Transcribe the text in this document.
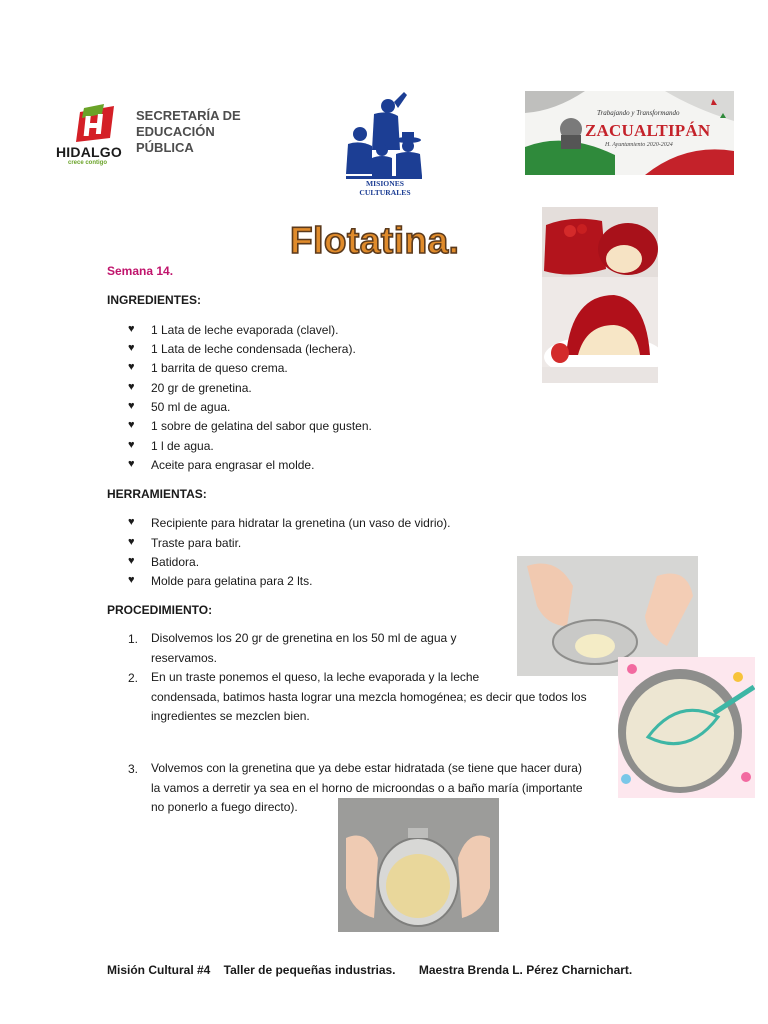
HIDALGO
crece contigo
SECRETARÍA DE
EDUCACIÓN
PÚBLICA
MISIONES CULTURALES
Trabajando y Transformando
ZACUALTIPÁN
H. Ayuntamiento 2020-2024
Flotatina.
Semana 14.
INGREDIENTES:
♥ 1 Lata de leche evaporada (clavel).
♥ 1 Lata de leche condensada (lechera).
♥ 1 barrita de queso crema.
♥ 20 gr de grenetina.
♥ 50 ml de agua.
♥ 1 sobre de gelatina del sabor que gusten.
♥ 1 l de agua.
♥ Aceite para engrasar el molde.
HERRAMIENTAS:
♥ Recipiente para hidratar la grenetina (un vaso de vidrio).
♥ Traste para batir.
♥ Batidora.
♥ Molde para gelatina para 2 lts.
PROCEDIMIENTO:
1. Disolvemos los 20 gr de grenetina en los 50 ml de agua y
reservamos.
2. En un traste ponemos el queso, la leche evaporada y la leche
condensada, batimos hasta lograr una mezcla homogénea; es decir que todos los
ingredientes se mezclen bien.
3. Volvemos con la grenetina que ya debe estar hidratada (se tiene que hacer dura)
la vamos a derretir ya sea en el horno de microondas o a baño maría (importante
no ponerlo a fuego directo).
Misión Cultural #4    Taller de pequeñas industrias.       Maestra Brenda L. Pérez Charnichart.
